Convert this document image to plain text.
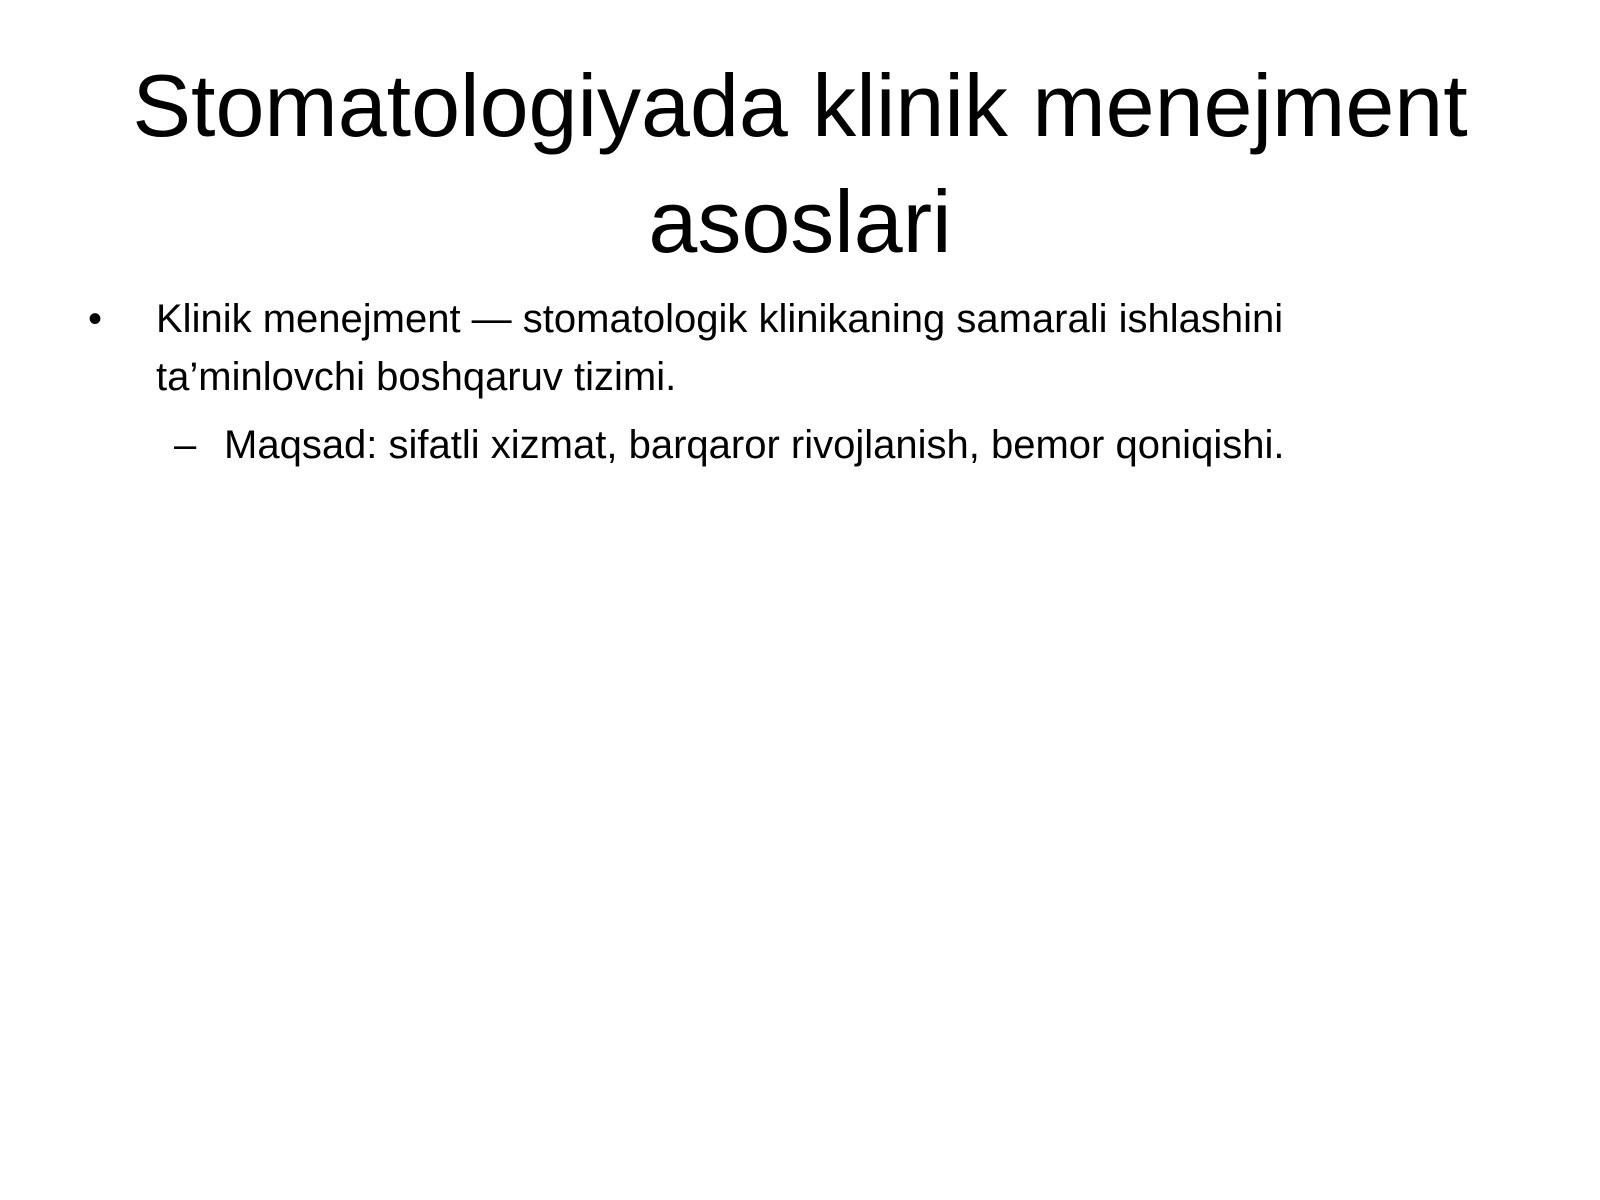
Stomatologiyada klinik menejment asoslari
•	Klinik menejment — stomatologik klinikaning samarali ishlashini ta’minlovchi boshqaruv tizimi.
– Maqsad: sifatli xizmat, barqaror rivojlanish, bemor qoniqishi.
